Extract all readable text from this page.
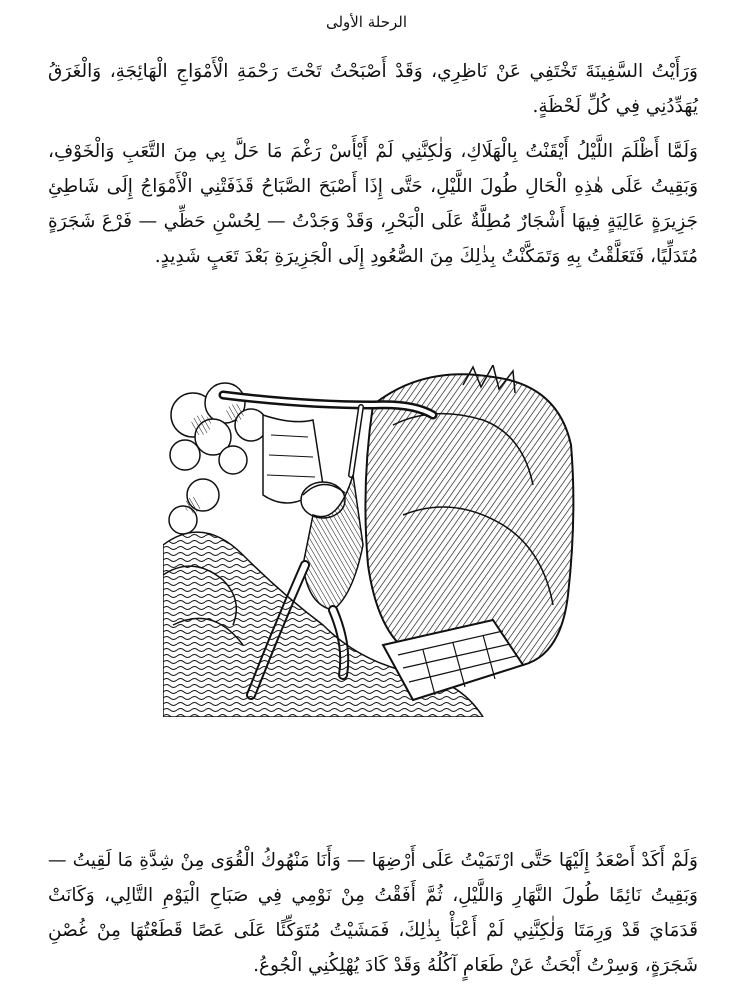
الرحلة الأولى

وَرَأَيْتُ السَّفِينَةَ تَخْتَفِي عَنْ نَاظِرِي، وَقَدْ أَصْبَحْتُ تَحْتَ رَحْمَةِ الْأَمْوَاجِ الْهَائِجَةِ، وَالْغَرَقُ يُهَدِّدُنِي فِي كُلِّ لَحْظَةٍ.

وَلَمَّا أَظْلَمَ اللَّيْلُ أَيْقَنْتُ بِالْهَلَاكِ، وَلٰكِنَّنِي لَمْ أَيْأَسْ رَغْمَ مَا حَلَّ بِي مِنَ التَّعَبِ وَالْخَوْفِ، وَبَقِيتُ عَلَى هٰذِهِ الْحَالِ طُولَ اللَّيْلِ، حَتَّى إِذَا أَصْبَحَ الصَّبَاحُ قَذَفَتْنِي الْأَمْوَاجُ إِلَى شَاطِئِ جَزِيرَةٍ عَالِيَةٍ فِيهَا أَشْجَارٌ مُطِلَّةٌ عَلَى الْبَحْرِ، وَقَدْ وَجَدْتُ — لِحُسْنِ حَظِّي — فَرْعَ شَجَرَةٍ مُتَدَلِّيًا، فَتَعَلَّقْتُ بِهِ وَتَمَكَّنْتُ بِذٰلِكَ مِنَ الصُّعُودِ إِلَى الْجَزِيرَةِ بَعْدَ تَعَبٍ شَدِيدٍ.

وَلَمْ أَكَدْ أَصْعَدُ إِلَيْهَا حَتَّى ارْتَمَيْتُ عَلَى أَرْضِهَا — وَأَنَا مَنْهُوكُ الْقُوَى مِنْ شِدَّةِ مَا لَقِيتُ — وَبَقِيتُ نَائِمًا طُولَ النَّهَارِ وَاللَّيْلِ، ثُمَّ أَفَقْتُ مِنْ نَوْمِي فِي صَبَاحِ الْيَوْمِ التَّالِي، وَكَانَتْ قَدَمَايَ قَدْ وَرِمَتَا وَلٰكِنَّنِي لَمْ أَعْبَأْ بِذٰلِكَ، فَمَشَيْتُ مُتَوَكِّئًا عَلَى عَصًا قَطَعْتُهَا مِنْ غُصْنِ شَجَرَةٍ، وَسِرْتُ أَبْحَثُ عَنْ طَعَامٍ آكُلُهُ وَقَدْ كَادَ يُهْلِكُنِي الْجُوعُ.
